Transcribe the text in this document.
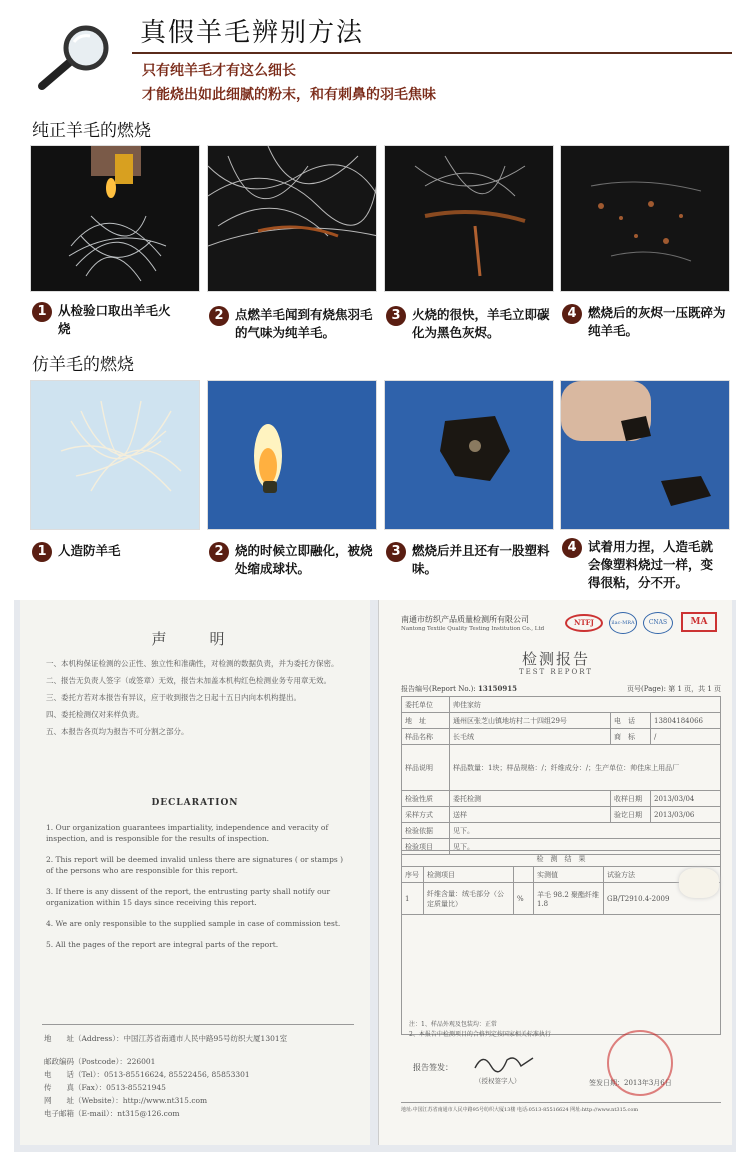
真假羊毛辨别方法
只有纯羊毛才有这么细长
才能烧出如此细腻的粉末，和有刺鼻的羽毛焦味
纯正羊毛的燃烧
1 从检验口取出羊毛火烧
2 点燃羊毛闻到有烧焦羽毛的气味为纯羊毛。
3 火烧的很快，羊毛立即碳化为黑色灰烬。
4 燃烧后的灰烬一压既碎为纯羊毛。
仿羊毛的燃烧
1 人造防羊毛	2 烧的时候立即融化，被烧处缩成球状。
3 燃烧后并且还有一股塑料味。
4 试着用力捏，人造毛就会像塑料烧过一样，变得很粘，分不开。
声　明
一、本机构保证检测的公正性、独立性和准确性，对检测的数据负责，并为委托方保密。
二、报告无负责人签字（或签章）无效，报告未加盖本机构红色检测业务专用章无效。
三、委托方若对本报告有异议，应于收到报告之日起十五日内向本机构提出。
四、委托检测仅对来样负责。
五、本报告各页均为报告不可分割之部分。
DECLARATION
1. Our organization guarantees impartiality, independence and veracity of inspection, and is responsible for the results of inspection.
2. This report will be deemed invalid unless there are signatures ( or stamps ) of the persons who are responsible for this report.
3. If there is any dissent of the report, the entrusting party shall notify our organization within 15 days since receiving this report.
4. We are only responsible to the supplied sample in case of commission test.
5. All the pages of the report are integral parts of the report.
地　　址（Address）：中国江苏省南通市人民中路95号纺织大厦1301室
邮政编码（Postcode）：226001
电　　话（Tel）：0513-85516624, 85522456, 85853301
传　　真（Fax）：0513-85521945
网　　址（Website）：http://www.nt315.com
电子邮箱（E-mail）：nt315@126.com
南通市纺织产品质量检测所有限公司
Nantong Textile Quality Testing Institution Co., Ltd
NTFJ	ilac-MRA	CNAS	MA
检测报告
TEST REPORT
报告编号(Report No.): 13150915	页号(Page): 第 1 页，共 1 页
委托单位	帅佳家纺		
地　址	通州区张芝山镇地坊村二十四组29号	电　话	13804184066
样品名称	长毛绒	商　标	/
样品说明	样品数量：1块；样品规格：/；纤维成分：/；生产单位：帅佳床上用品厂		
检验性质	委托检测	收样日期	2013/03/04
采样方式	送样	验讫日期	2013/03/06
检验依据	见下。		
检验项目	见下。		
检　测　结　果				
序号	检测项目		实测值	试验方法
1	纤维含量：绒毛部分（公定质量比）	%	羊毛 98.2 聚酯纤维 1.8	GB/T2910.4-2009

注：1、样品外观及包装均：正常
2、本报告中检测项目的合格判定按国家相关标准执行
报告签发：
（授权签字人）	签发日期：2013年3月6日
地址:中国江苏省南通市人民中路95号纺织大厦13楼 电话:0513-85516624 网址:http://www.nt315.com
